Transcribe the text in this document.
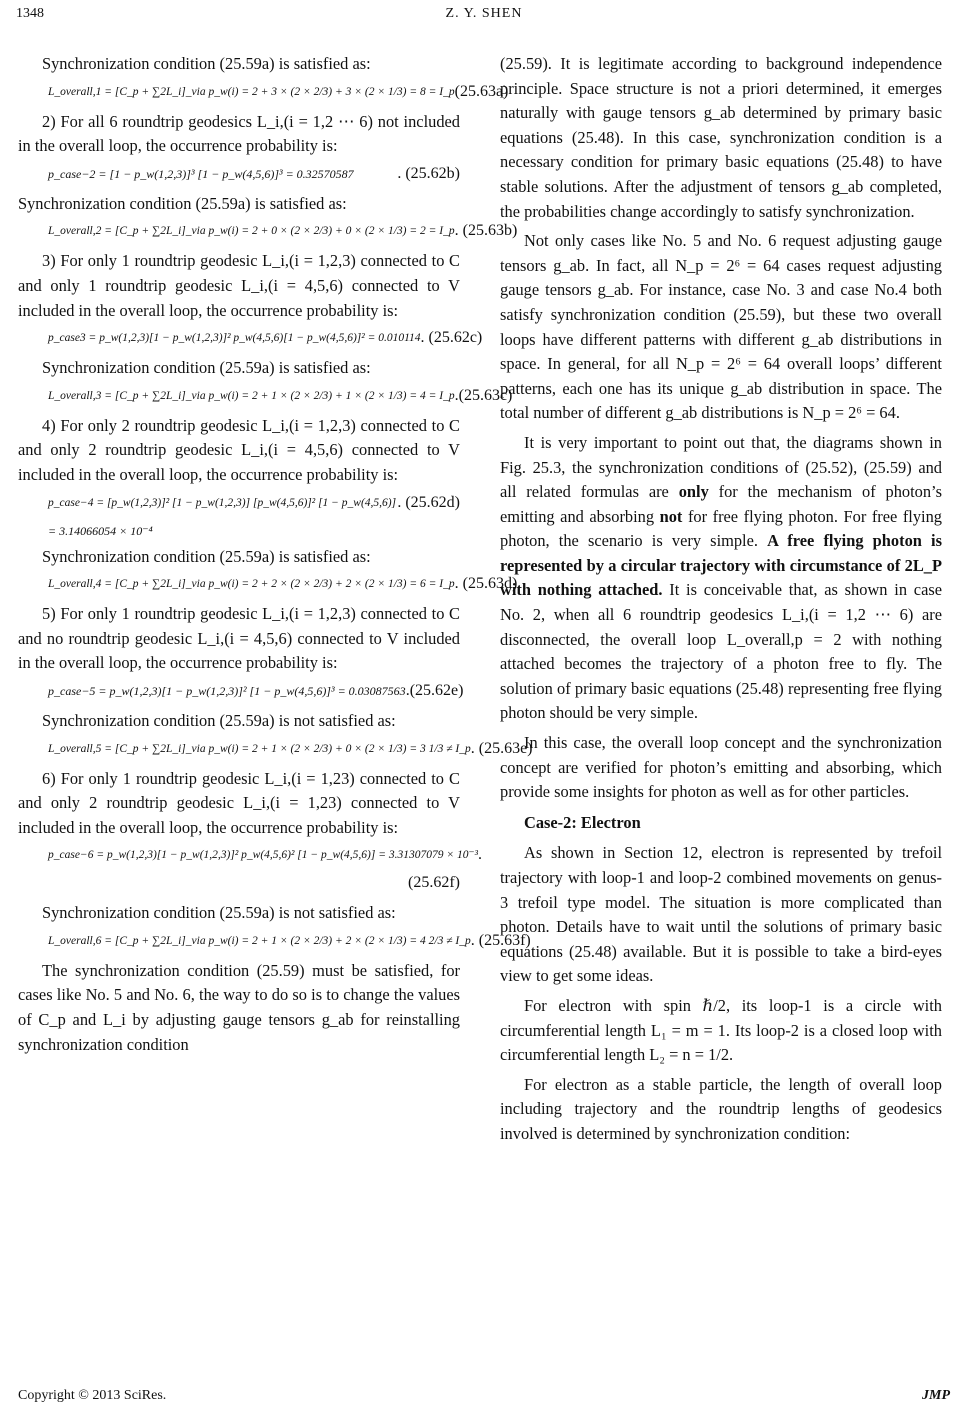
1348	Z. Y. SHEN

Synchronization condition (25.59a) is satisfied as:

L_overall,1 = [C_p + ∑2L_i]_via p_w(i) = 2 + 3 × (2 × 2/3) + 3 × (2 × 1/3) = 8 = I_p (25.63a)

2) For all 6 roundtrip geodesics L_i,(i = 1,2 ⋯ 6) not included in the overall loop, the occurrence probability is:

p_case−2 = [1 − p_w(1,2,3)]³ [1 − p_w(4,5,6)]³ = 0.32570587	. (25.62b)

Synchronization condition (25.59a) is satisfied as:

L_overall,2 = [C_p + ∑2L_i]_via p_w(i) = 2 + 0 × (2 × 2/3) + 0 × (2 × 1/3) = 2 = I_p . (25.63b)

3) For only 1 roundtrip geodesic L_i,(i = 1,2,3) connected to C and only 1 roundtrip geodesic L_i,(i = 4,5,6) connected to V included in the overall loop, the occurrence probability is:

p_case3 = p_w(1,2,3)[1 − p_w(1,2,3)]² p_w(4,5,6)[1 − p_w(4,5,6)]² = 0.010114 . (25.62c)

Synchronization condition (25.59a) is satisfied as:

L_overall,3 = [C_p + ∑2L_i]_via p_w(i) = 2 + 1 × (2 × 2/3) + 1 × (2 × 1/3) = 4 = I_p .(25.63c)

4) For only 2 roundtrip geodesic L_i,(i = 1,2,3) connected to C and only 2 roundtrip geodesic L_i,(i = 4,5,6) connected to V included in the overall loop, the occurrence probability is:

p_case−4 = [p_w(1,2,3)]² [1 − p_w(1,2,3)] [p_w(4,5,6)]² [1 − p_w(4,5,6)] . (25.62d)
= 3.14066054 × 10⁻⁴

Synchronization condition (25.59a) is satisfied as:

L_overall,4 = [C_p + ∑2L_i]_via p_w(i) = 2 + 2 × (2 × 2/3) + 2 × (2 × 1/3) = 6 = I_p . (25.63d)

5) For only 1 roundtrip geodesic L_i,(i = 1,2,3) connected to C and no roundtrip geodesic L_i,(i = 4,5,6) connected to V included in the overall loop, the occurrence probability is:

p_case−5 = p_w(1,2,3)[1 − p_w(1,2,3)]² [1 − p_w(4,5,6)]³ = 0.03087563 .(25.62e)

Synchronization condition (25.59a) is not satisfied as:

L_overall,5 = [C_p + ∑2L_i]_via p_w(i) = 2 + 1 × (2 × 2/3) + 0 × (2 × 1/3) = 3 1/3 ≠ I_p . (25.63e)

6) For only 1 roundtrip geodesic L_i,(i = 1,23) connected to C and only 2 roundtrip geodesic L_i,(i = 1,23) connected to V included in the overall loop, the occurrence probability is:

p_case−6 = p_w(1,2,3)[1 − p_w(1,2,3)]² p_w(4,5,6)² [1 − p_w(4,5,6)] = 3.31307079 × 10⁻³ .
(25.62f)

Synchronization condition (25.59a) is not satisfied as:

L_overall,6 = [C_p + ∑2L_i]_via p_w(i) = 2 + 1 × (2 × 2/3) + 2 × (2 × 1/3) = 4 2/3 ≠ I_p . (25.63f)

The synchronization condition (25.59) must be satisfied, for cases like No. 5 and No. 6, the way to do so is to change the values of C_p and L_i by adjusting gauge tensors g_ab for reinstalling synchronization condition

(25.59). It is legitimate according to background independence principle. Space structure is not a priori determined, it emerges naturally with gauge tensors g_ab determined by primary basic equations (25.48). In this case, synchronization condition is a necessary condition for primary basic equations (25.48) to have stable solutions. After the adjustment of tensors g_ab completed, the probabilities change accordingly to satisfy synchronization.

Not only cases like No. 5 and No. 6 request adjusting gauge tensors g_ab. In fact, all N_p = 2⁶ = 64 cases request adjusting gauge tensors g_ab. For instance, case No. 3 and case No.4 both satisfy synchronization condition (25.59), but these two overall loops have different patterns with different g_ab distributions in space. In general, for all N_p = 2⁶ = 64 overall loops’ different patterns, each one has its unique g_ab distribution in space. The total number of different g_ab distributions is N_p = 2⁶ = 64.

It is very important to point out that, the diagrams shown in Fig. 25.3, the synchronization conditions of (25.52), (25.59) and all related formulas are only for the mechanism of photon’s emitting and absorbing not for free flying photon. For free flying photon, the scenario is very simple. A free flying photon is represented by a circular trajectory with circumstance of 2L_P with nothing attached. It is conceivable that, as shown in case No. 2, when all 6 roundtrip geodesics L_i,(i = 1,2 ⋯ 6) are disconnected, the overall loop L_overall,p = 2 with nothing attached becomes the trajectory of a photon free to fly. The solution of primary basic equations (25.48) representing free flying photon should be very simple.

In this case, the overall loop concept and the synchronization concept are verified for photon’s emitting and absorbing, which provide some insights for photon as well as for other particles.

Case-2: Electron

As shown in Section 12, electron is represented by trefoil trajectory with loop-1 and loop-2 combined movements on genus-3 trefoil type model. The situation is more complicated than photon. Details have to wait until the solutions of primary basic equations (25.48) available. But it is possible to take a bird-eyes view to get some ideas.

For electron with spin ℏ/2, its loop-1 is a circle with circumferential length L₁ = m = 1. Its loop-2 is a closed loop with circumferential length L₂ = n = 1/2.

For electron as a stable particle, the length of overall loop including trajectory and the roundtrip lengths of geodesics involved is determined by synchronization condition:

Copyright © 2013 SciRes.	JMP
